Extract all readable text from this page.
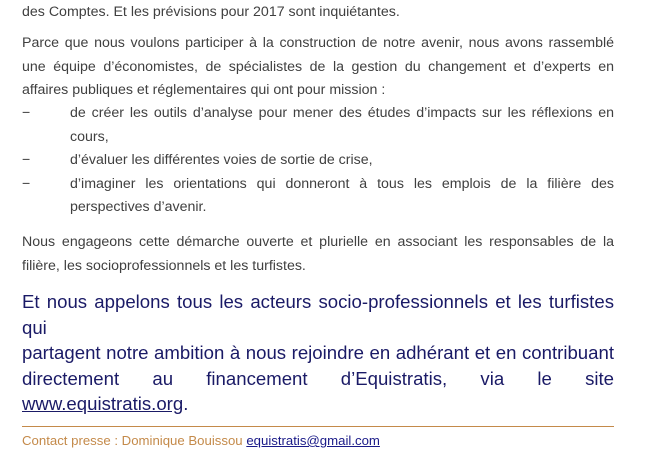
des Comptes. Et les prévisions pour 2017 sont inquiétantes.

Parce que nous voulons participer à la construction de notre avenir, nous avons rassemblé une équipe d’économistes, de spécialistes de la gestion du changement et d’experts en affaires publiques et réglementaires qui ont pour mission :

−	de créer les outils d’analyse pour mener des études d’impacts sur les réflexions en cours,
−	d’évaluer les différentes voies de sortie de crise,
−	d’imaginer les orientations qui donneront à tous les emplois de la filière des perspectives d’avenir.

Nous engageons cette démarche ouverte et plurielle en associant les responsables de la filière, les socioprofessionnels et les turfistes.

Et nous appelons tous les acteurs socio-professionnels et les turfistes qui
partagent notre ambition à nous rejoindre en adhérant et en contribuant
directement au financement d’Equistratis, via le site
www.equistratis.org.

Contact presse : Dominique Bouissou equistratis@gmail.com
